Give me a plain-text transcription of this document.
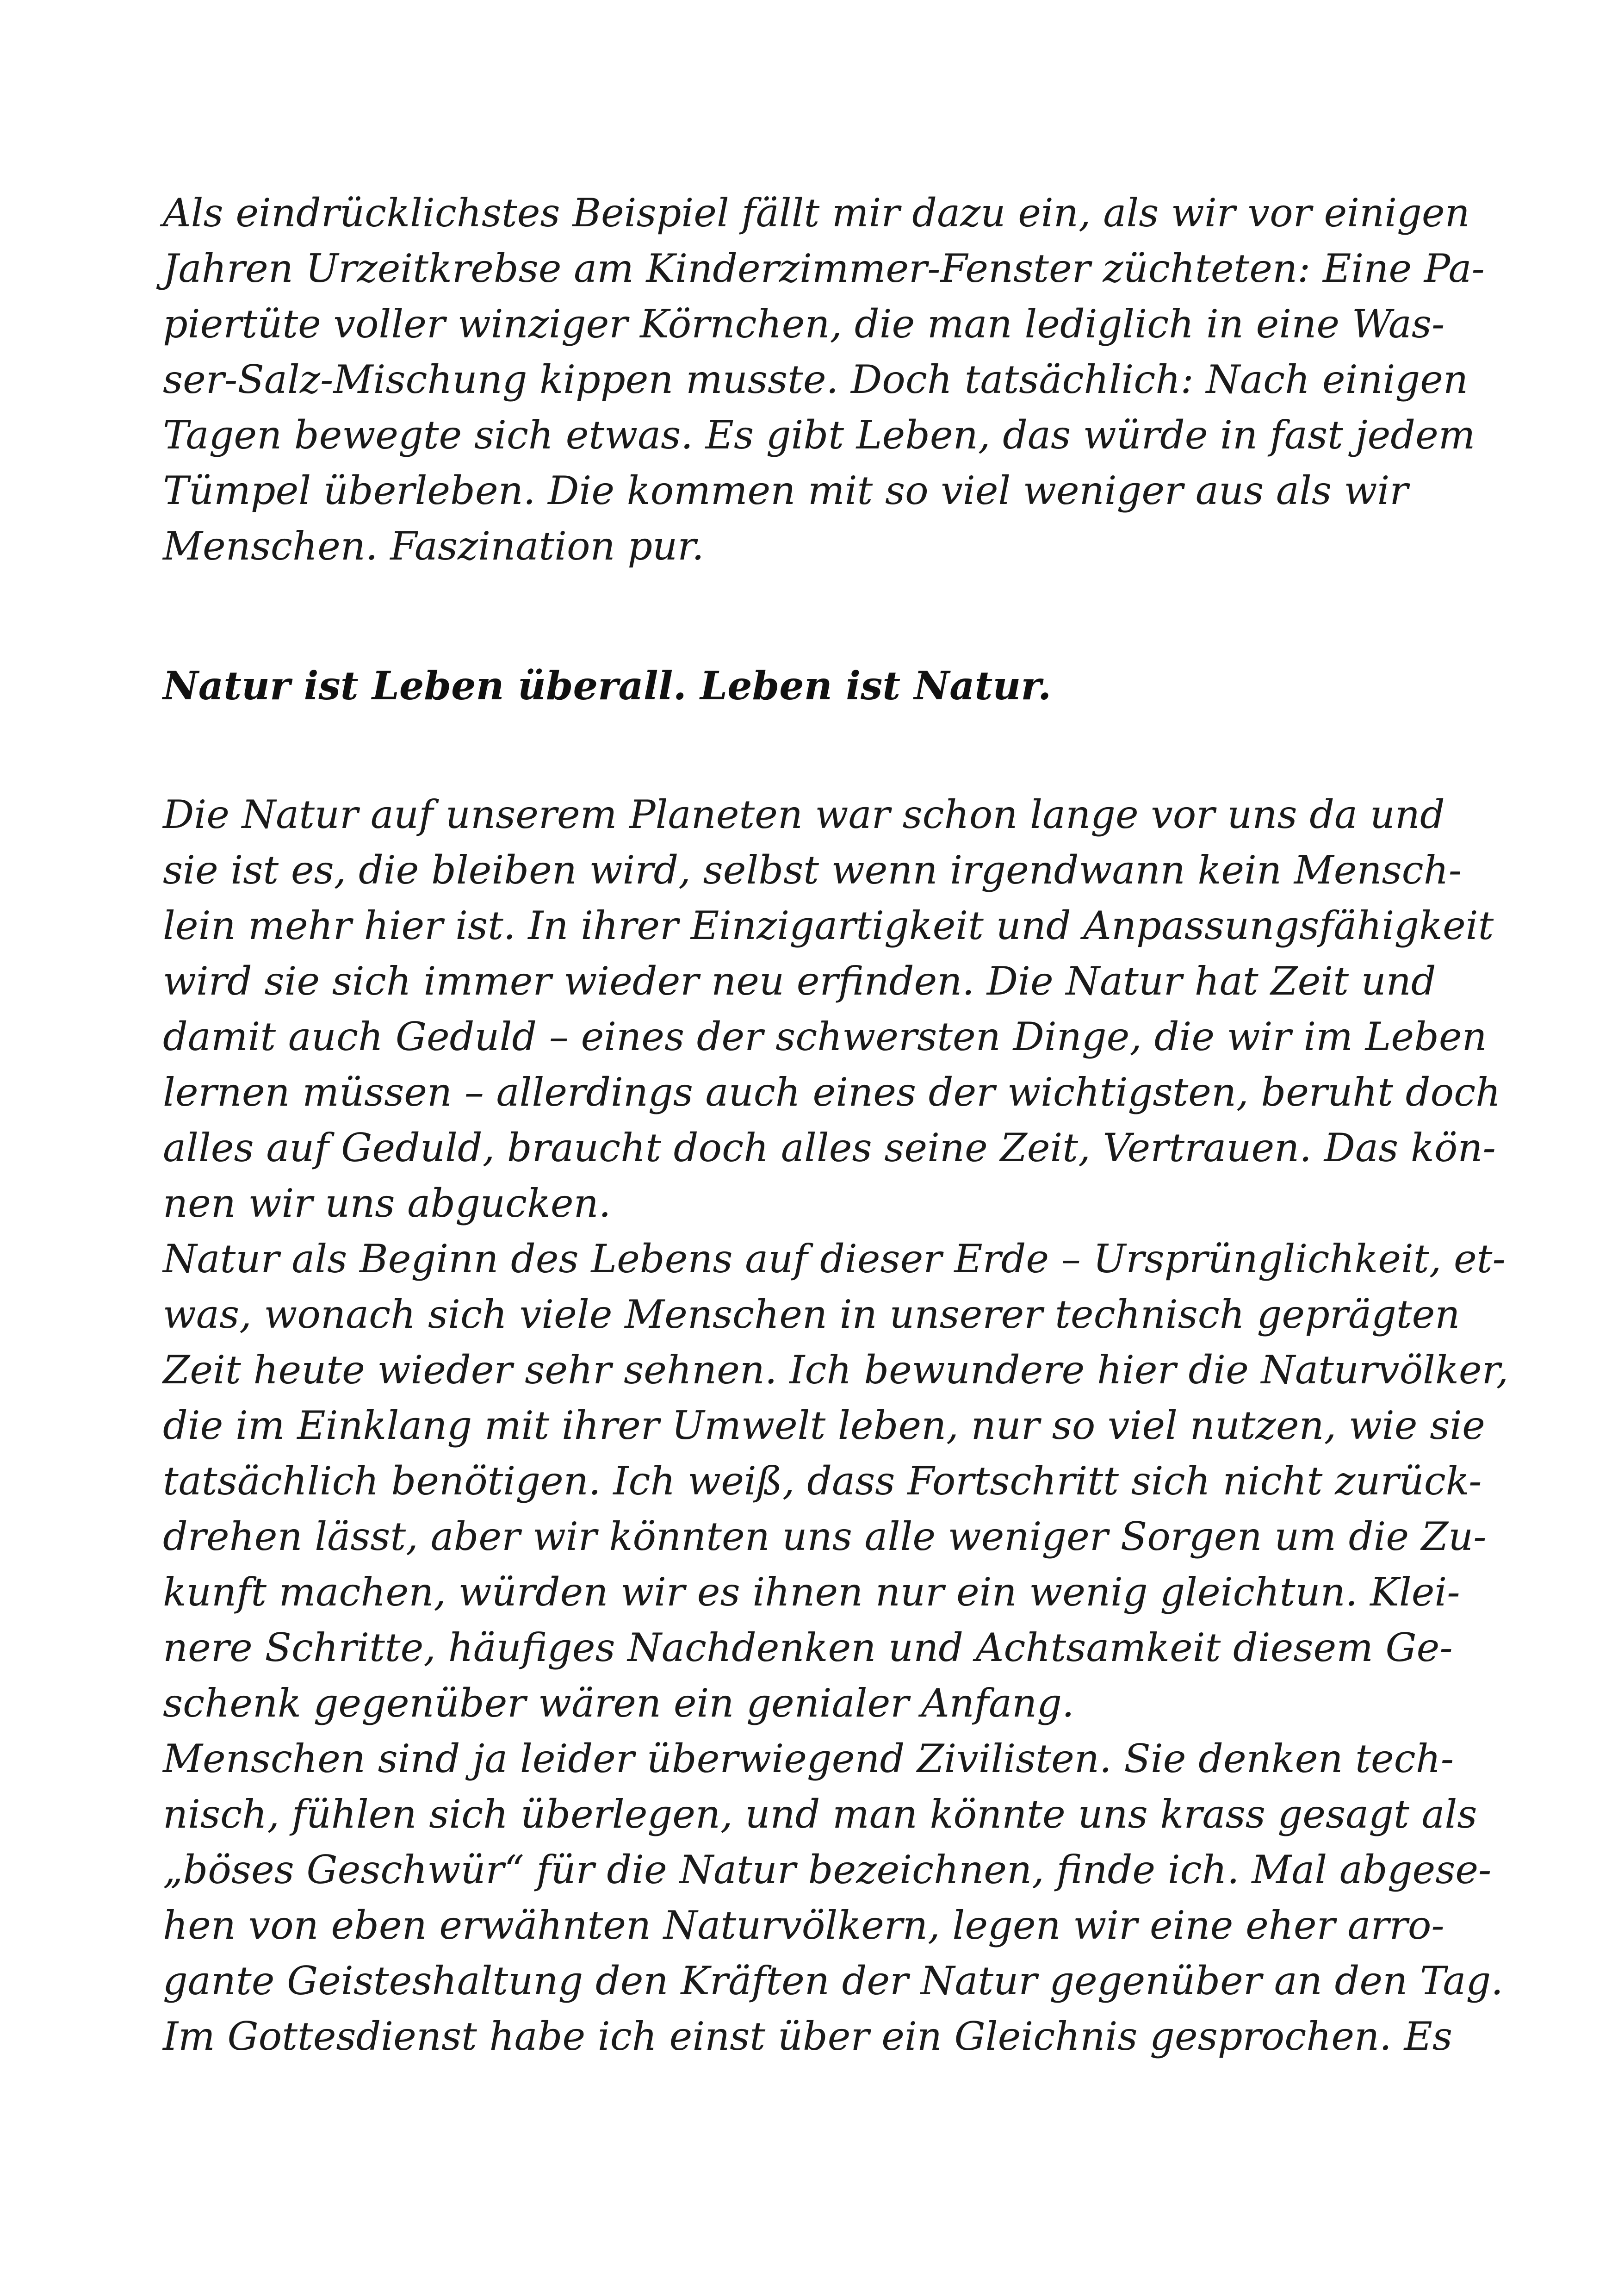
Als eindrücklichstes Beispiel fällt mir dazu ein, als wir vor einigen
Jahren Urzeitkrebse am Kinderzimmer-Fenster züchteten: Eine Pa-
piertüte voller winziger Körnchen, die man lediglich in eine Was-
ser-Salz-Mischung kippen musste. Doch tatsächlich: Nach einigen
Tagen bewegte sich etwas. Es gibt Leben, das würde in fast jedem
Tümpel überleben. Die kommen mit so viel weniger aus als wir
Menschen. Faszination pur.
Natur ist Leben überall. Leben ist Natur.
Die Natur auf unserem Planeten war schon lange vor uns da und
sie ist es, die bleiben wird, selbst wenn irgendwann kein Mensch-
lein mehr hier ist. In ihrer Einzigartigkeit und Anpassungsfähigkeit
wird sie sich immer wieder neu erfinden. Die Natur hat Zeit und
damit auch Geduld – eines der schwersten Dinge, die wir im Leben
lernen müssen – allerdings auch eines der wichtigsten, beruht doch
alles auf Geduld, braucht doch alles seine Zeit, Vertrauen. Das kön-
nen wir uns abgucken.
Natur als Beginn des Lebens auf dieser Erde – Ursprünglichkeit, et-
was, wonach sich viele Menschen in unserer technisch geprägten
Zeit heute wieder sehr sehnen. Ich bewundere hier die Naturvölker,
die im Einklang mit ihrer Umwelt leben, nur so viel nutzen, wie sie
tatsächlich benötigen. Ich weiß, dass Fortschritt sich nicht zurück-
drehen lässt, aber wir könnten uns alle weniger Sorgen um die Zu-
kunft machen, würden wir es ihnen nur ein wenig gleichtun. Klei-
nere Schritte, häufiges Nachdenken und Achtsamkeit diesem Ge-
schenk gegenüber wären ein genialer Anfang.
Menschen sind ja leider überwiegend Zivilisten. Sie denken tech-
nisch, fühlen sich überlegen, und man könnte uns krass gesagt als
„böses Geschwür“ für die Natur bezeichnen, finde ich. Mal abgese-
hen von eben erwähnten Naturvölkern, legen wir eine eher arro-
gante Geisteshaltung den Kräften der Natur gegenüber an den Tag.
Im Gottesdienst habe ich einst über ein Gleichnis gesprochen. Es
